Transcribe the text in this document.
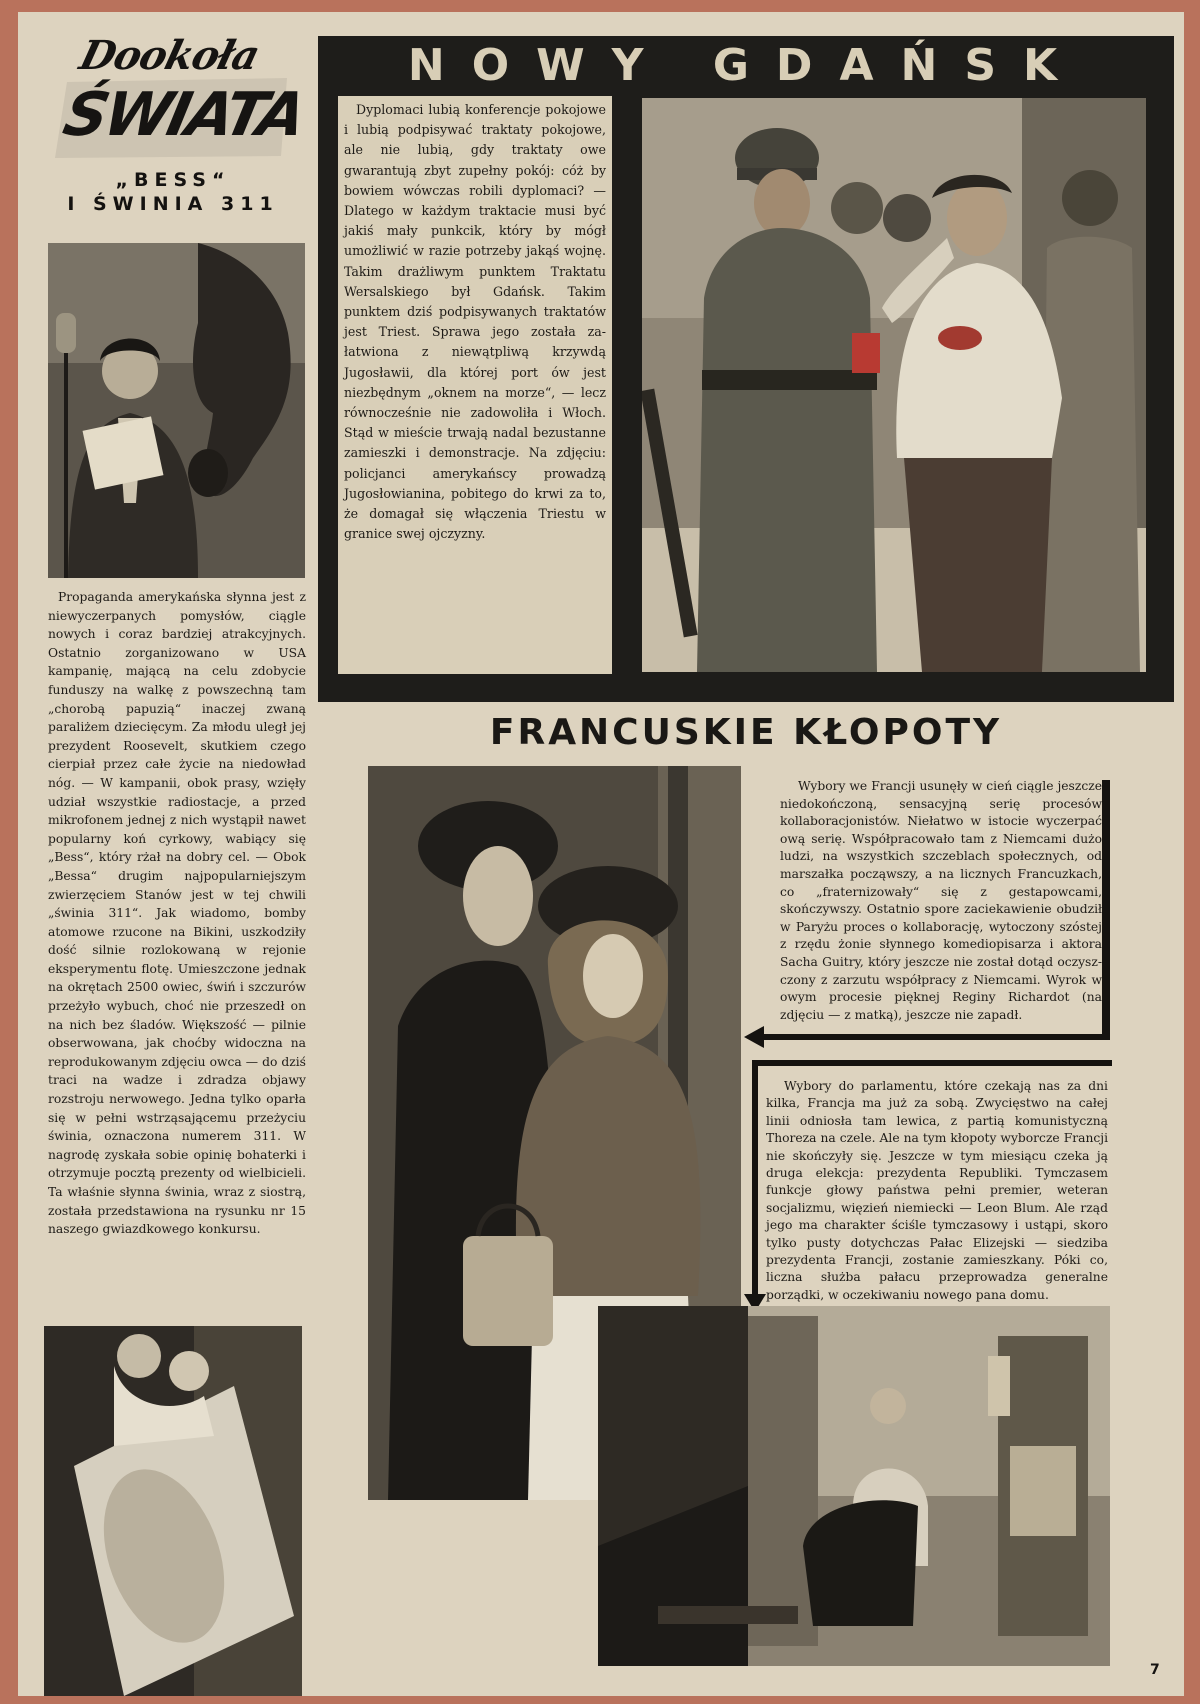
Dookoła
ŚWIATA
„BESS“
I ŚWINIA 311

Propaganda amerykańska słynna jest z niewyczerpanych pomysłów, ciągle nowych i coraz bardziej atrakcyjnych. Ostatnio zorganizowano w USA kampanię, mającą na celu zdobycie funduszy na walkę z powszechną tam „chorobą papuzią“ inaczej zwaną paraliżem dziecięcym. Za młodu uległ jej prezydent Roosevelt, skutkiem czego cierpiał przez całe życie na niedowład nóg. — W kampanii, obok prasy, wzięły udział wszystkie radiostacje, a przed mikrofonem jednej z nich wystąpił nawet popularny koń cyrkowy, wabiący się „Bess“, który rżał na dobry cel. — Obok „Bessa“ drugim najpopularniejszym zwierzęciem Stanów jest w tej chwili „świnia 311“. Jak wiadomo, bomby atomowe rzucone na Bikini, uszkodziły dość silnie rozlokowaną w rejonie eksperymentu flotę. Umieszczone jednak na okrętach 2500 owiec, świń i szczurów przeżyło wybuch, choć nie przeszedł on na nich bez śladów. Większość — pilnie obserwowana, jak choćby widoczna na reprodukowanym zdjęciu owca — do dziś traci na wadze i zdradza objawy rozstroju nerwowego. Jedna tylko oparła się w pełni wstrząsającemu przeżyciu świnia, oznaczona numerem 311. W nagrodę zyskała sobie opinię bohaterki i otrzymuje pocztą prezenty od wielbicieli. Ta właśnie słynna świnia, wraz z siostrą, została przedstawiona na rysunku nr 15 naszego gwiazdkowego konkursu.

NOWY GDAŃSK

Dyplomaci lubią konferencje pokojowe i lubią podpisywać traktaty pokojowe, ale nie lubią, gdy traktaty owe gwarantują zbyt zupełny pokój: cóż by bowiem wówczas robili dyplomaci? — Dlatego w każdym traktacie musi być jakiś mały punkcik, który by mógł umożliwić w razie potrzeby jakąś wojnę. Takim drażliwym punktem Traktatu Wersalskiego był Gdańsk. Takim punktem dziś podpisywanych traktatów jest Triest. Sprawa jego została załatwiona z niewątpliwą krzywdą Jugosławii, dla której port ów jest niezbędnym „oknem na morze“, — lecz równocześnie nie zadowoliła i Włoch. Stąd w mieście trwają nadal bezustanne zamieszki i demonstracje. Na zdjęciu: policjanci amerykańscy prowadzą Jugosłowianina, pobitego do krwi za to, że domagał się włączenia Triestu w granice swej ojczyzny.

FRANCUSKIE KŁOPOTY

Wybory we Francji usunęły w cień ciągle jeszcze niedokończoną, sensacyjną serię procesów kollaboracjonistów. Niełatwo w istocie wyczerpać ową serię. Współpracowało tam z Niemcami dużo ludzi, na wszystkich szczeblach społecznych, od marszałka począwszy, a na licznych Francuzkach, co „fraternizowały“ się z gestapowcami, skończywszy. Ostatnio spore zaciekawienie obudził w Paryżu proces o kollaborację, wytoczony szóstej z rzędu żonie słynnego komediopisarza i aktora Sacha Guitry, który jeszcze nie został dotąd oczyszczony z zarzutu współpracy z Niemcami. Wyrok w owym procesie pięknej Reginy Richardot (na zdjęciu — z matką), jeszcze nie zapadł.

Wybory do parlamentu, które czekają nas za dni kilka, Francja ma już za sobą. Zwycięstwo na całej linii odniosła tam lewica, z partią komunistyczną Thoreza na czele. Ale na tym kłopoty wyborcze Francji nie skończyły się. Jeszcze w tym miesiącu czeka ją druga elekcja: prezydenta Republiki. Tymczasem funkcje głowy państwa pełni premier, weteran socjalizmu, więzień niemiecki — Leon Blum. Ale rząd jego ma charakter ściśle tymczasowy i ustąpi, skoro tylko pusty dotychczas Pałac Elizejski — siedziba prezydenta Francji, zostanie zamieszkany. Póki co, liczna służba pałacu przeprowadza generalne porządki, w oczekiwaniu nowego pana domu.

7
